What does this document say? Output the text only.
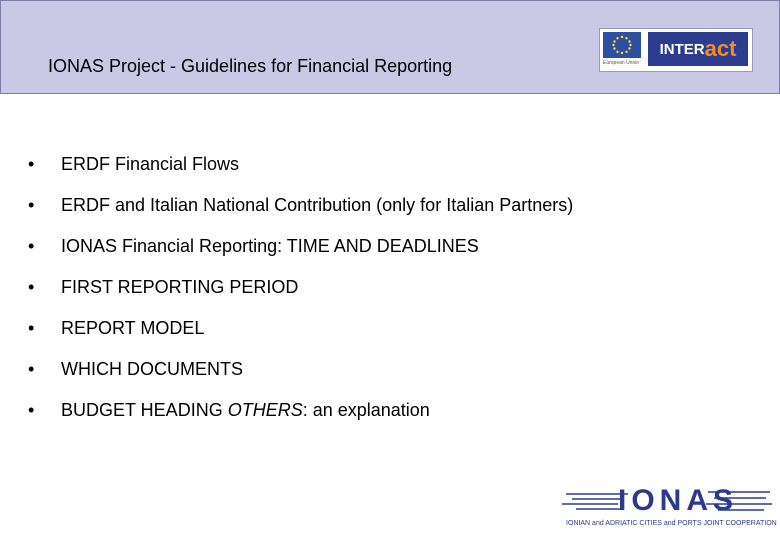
IONAS Project - Guidelines for Financial Reporting	European Union
INTER act
•	ERDF Financial Flows
•	ERDF and Italian National Contribution (only for Italian Partners)
•	IONAS Financial Reporting: TIME AND DEADLINES
•	FIRST REPORTING PERIOD
•	REPORT MODEL
•	WHICH DOCUMENTS
•	BUDGET HEADING OTHERS: an explanation
IONAS
IONIAN and ADRIATIC CITIES and PORTS JOINT COOPERATION
